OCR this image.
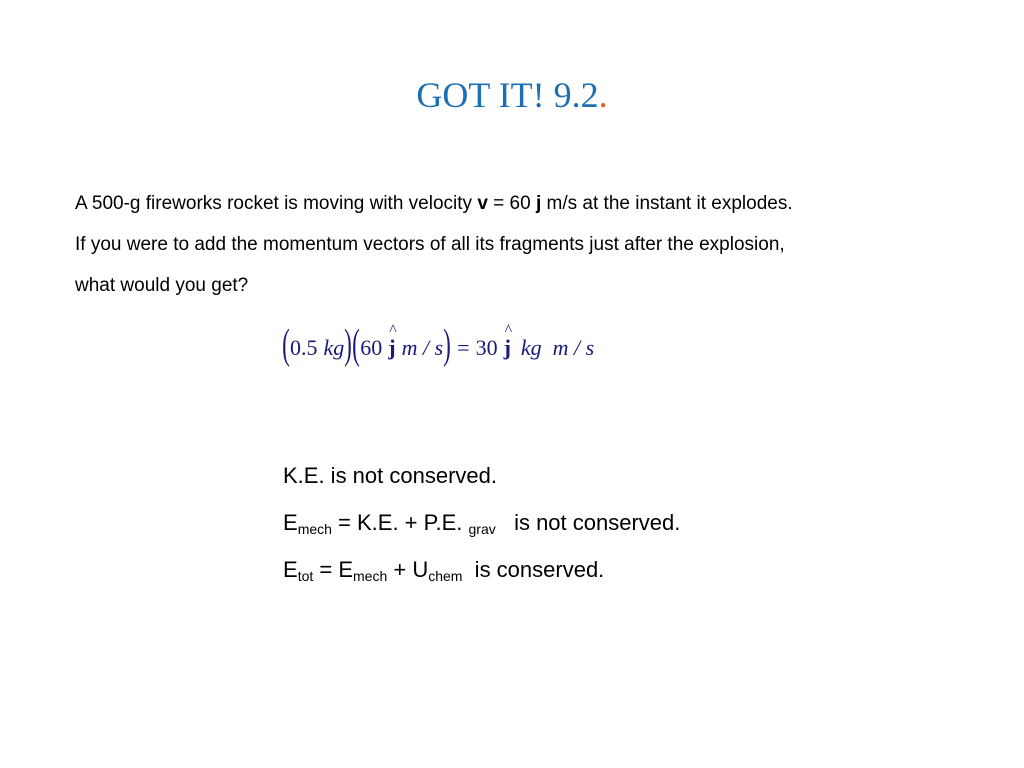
GOT IT! 9.2.
A 500-g fireworks rocket is moving with velocity v = 60 j m/s at the instant it explodes.
If you were to add the momentum vectors of all its fragments just after the explosion,
what would you get?
( 0.5 kg ) ( 60 ^ j m / s ) = 30 ^ j kg  m / s
K.E. is not conserved.
$E_{mech} = K.E$. + P.E. $_{grav}$   is not conserved.
$E_{tot} = E_{mech} + U_{chem}$  is conserved.
